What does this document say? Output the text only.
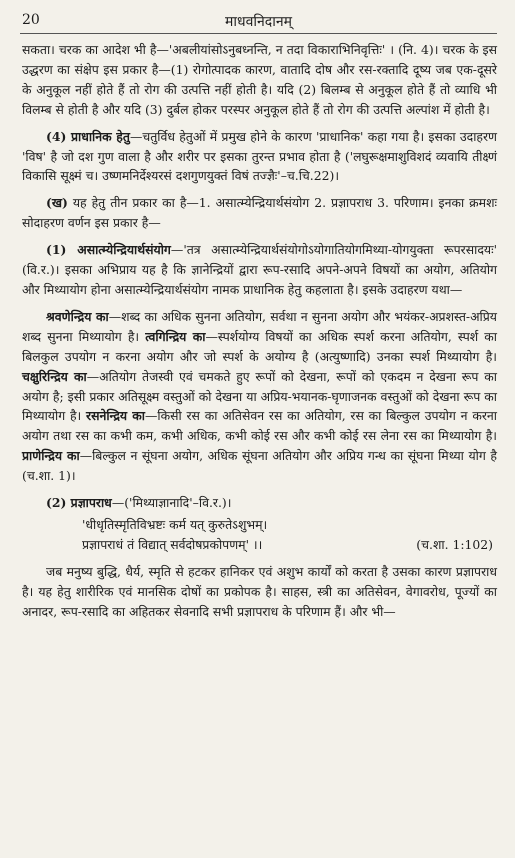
20	माधवनिदानम्

सकता। चरक का आदेश भी है—'अबलीयांसोऽनुबध्नन्ति, न तदा विकाराभिनिवृत्तिः' । (नि. 4)। चरक के इस उद्धरण का संक्षेप इस प्रकार है—(1) रोगोत्पादक कारण, वातादि दोष और रस-रक्तादि दूष्य जब एक-दूसरे के अनुकूल नहीं होते हैं तो रोग की उत्पत्ति नहीं होती है। यदि (2) बिलम्ब से अनुकूल होते हैं तो व्याधि भी विलम्ब से होती है और यदि (3) दुर्बल होकर परस्पर अनुकूल होते हैं तो रोग की उत्पत्ति अल्पांश में होती है।

(4) प्राधानिक हेतु—चतुर्विध हेतुओं में प्रमुख होने के कारण 'प्राधानिक' कहा गया है। इसका उदाहरण 'विष' है जो दश गुण वाला है और शरीर पर इसका तुरन्त प्रभाव होता है ('लघुरूक्षमाशुविशदं व्यवायि तीक्ष्णं विकासि सूक्ष्मं च। उष्णमनिर्देश्यरसं दशगुणयुक्तं विषं तज्ज्ञैः'–च.चि.22)।

(ख) यह हेतु तीन प्रकार का है—1. असात्म्येन्द्रियार्थसंयोग 2. प्रज्ञापराध 3. परिणाम। इनका क्रमशः सोदाहरण वर्णन इस प्रकार है—

(1) असात्म्येन्द्रियार्थसंयोग—'तत्र असात्म्येन्द्रियार्थसंयोगोऽयोगातियोगमिथ्या-योगयुक्ता रूपरसादयः' (वि.र.)। इसका अभिप्राय यह है कि ज्ञानेन्द्रियों द्वारा रूप-रसादि अपने-अपने विषयों का अयोग, अतियोग और मिथ्यायोग होना असात्म्येन्द्रियार्थसंयोग नामक प्राधानिक हेतु कहलाता है। इसके उदाहरण यथा—

श्रवणेन्द्रिय का—शब्द का अधिक सुनना अतियोग, सर्वथा न सुनना अयोग और भयंकर-अप्रशस्त-अप्रिय शब्द सुनना मिथ्यायोग है। त्वगिन्द्रिय का—स्पर्शयोग्य विषयों का अधिक स्पर्श करना अतियोग, स्पर्श का बिलकुल उपयोग न करना अयोग और जो स्पर्श के अयोग्य है (अत्युष्णादि) उनका स्पर्श मिथ्यायोग है। चक्षुरिन्द्रिय का—अतियोग तेजस्वी एवं चमकते हुए रूपों को देखना, रूपों को एकदम न देखना रूप का अयोग है; इसी प्रकार अतिसूक्ष्म वस्तुओं को देखना या अप्रिय-भयानक-घृणाजनक वस्तुओं को देखना रूप का मिथ्यायोग है। रसनेन्द्रिय का—किसी रस का अतिसेवन रस का अतियोग, रस का बिल्कुल उपयोग न करना अयोग तथा रस का कभी कम, कभी अधिक, कभी कोई रस और कभी कोई रस लेना रस का मिथ्यायोग है। प्राणेन्द्रिय का—बिल्कुल न सूंघना अयोग, अधिक सूंघना अतियोग और अप्रिय गन्ध का सूंघना मिथ्या योग है (च.शा. 1)।

(2) प्रज्ञापराध—('मिथ्याज्ञानादि'–वि.र.)।

'धीधृतिस्मृतिविभ्रष्टः कर्म यत् कुरुतेऽशुभम्।
प्रज्ञापराधं तं विद्यात् सर्वदोषप्रकोपणम्' ।।	(च.शा. 1:102)

जब मनुष्य बुद्धि, धैर्य, स्मृति से हटकर हानिकर एवं अशुभ कार्यों को करता है उसका कारण प्रज्ञापराध है। यह हेतु शारीरिक एवं मानसिक दोषों का प्रकोपक है। साहस, स्त्री का अतिसेवन, वेगावरोध, पूज्यों का अनादर, रूप-रसादि का अहितकर सेवनादि सभी प्रज्ञापराध के परिणाम हैं। और भी—
